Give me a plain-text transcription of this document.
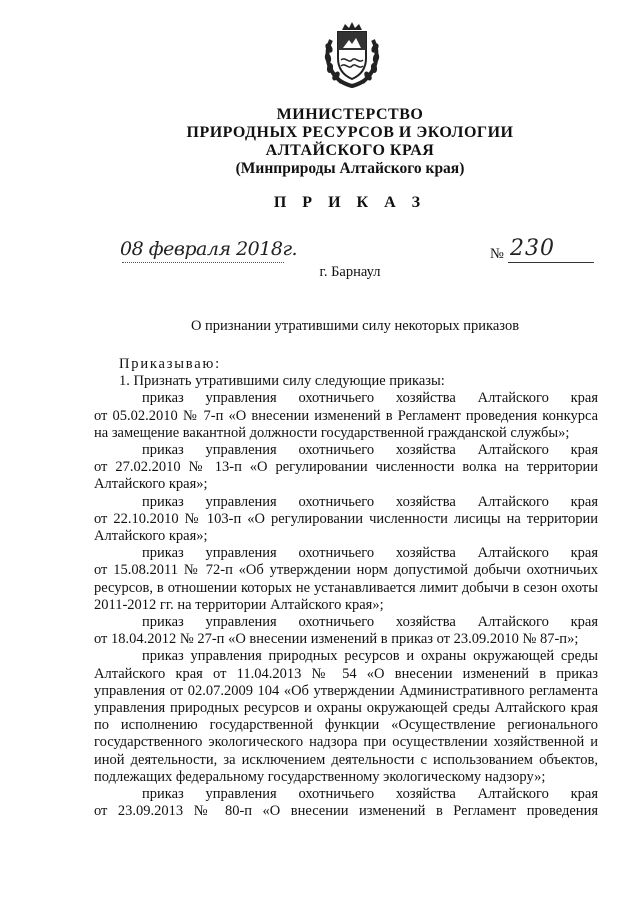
МИНИСТЕРСТВО
ПРИРОДНЫХ РЕСУРСОВ И ЭКОЛОГИИ
АЛТАЙСКОГО КРАЯ
(Минприроды Алтайского края)
П Р И К А З
08 февраля 2018г.	№ 230
г. Барнаул
О признании утратившими силу некоторых приказов

Приказываю:

1. Признать утратившими силу следующие приказы:

приказ управления охотничьего хозяйства Алтайского края

от 05.02.2010 № 7-п «О внесении изменений в Регламент проведения конкурса на замещение вакантной должности государственной гражданской службы»;

приказ управления охотничьего хозяйства Алтайского края

от 27.02.2010 № 13-п «О регулировании численности волка на территории Алтайского края»;

приказ управления охотничьего хозяйства Алтайского края

от 22.10.2010 № 103-п «О регулировании численности лисицы на территории Алтайского края»;

приказ управления охотничьего хозяйства Алтайского края

от 15.08.2011 № 72-п «Об утверждении норм допустимой добычи охотничьих ресурсов, в отношении которых не устанавливается лимит добычи в сезон охоты 2011-2012 гг. на территории Алтайского края»;

приказ управления охотничьего хозяйства Алтайского края

от 18.04.2012 № 27-п «О внесении изменений в приказ от 23.09.2010 № 87-п»;

приказ управления природных ресурсов и охраны окружающей среды Алтайского края от 11.04.2013 № 54 «О внесении изменений в приказ управления от 02.07.2009 104 «Об утверждении Административного регламента управления природных ресурсов и охраны окружающей среды Алтайского края по исполнению государственной функции «Осуществление регионального государственного экологического надзора при осуществлении хозяйственной и иной деятельности, за исключением деятельности с использованием объектов, подлежащих федеральному государственному экологическому надзору»;

приказ управления охотничьего хозяйства Алтайского края

от 23.09.2013 № 80-п «О внесении изменений в Регламент проведения
